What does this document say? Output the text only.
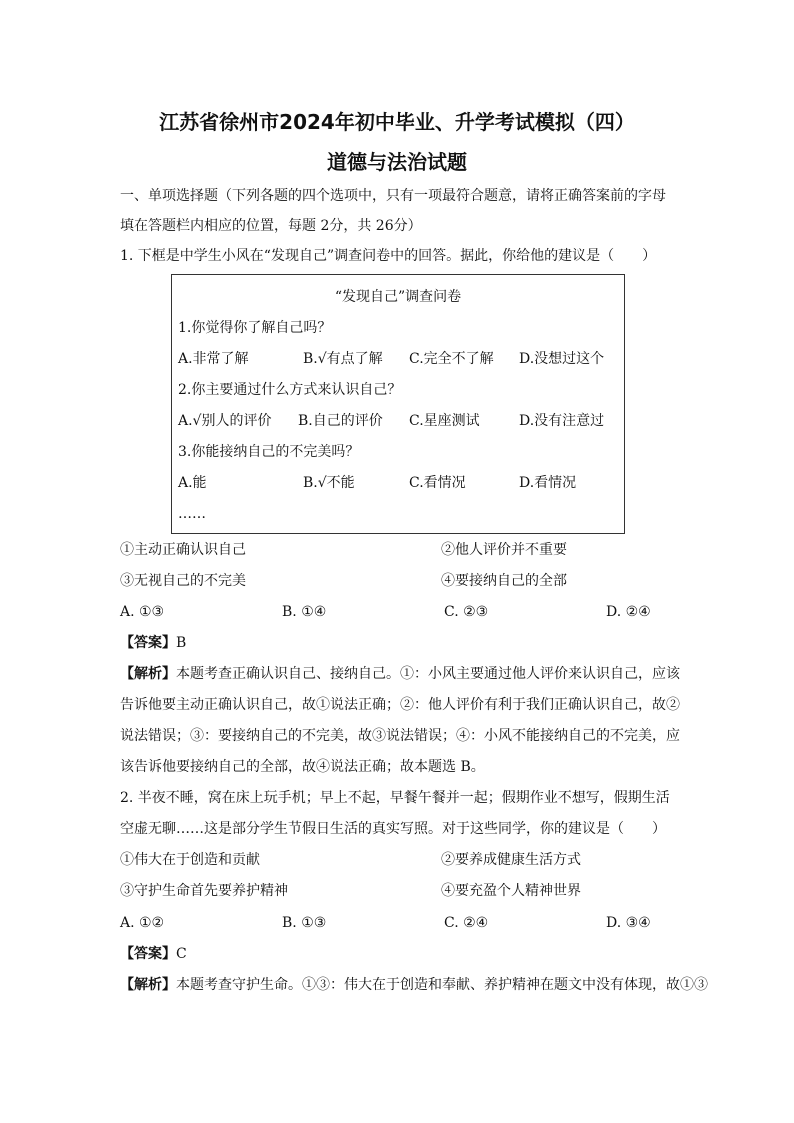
江苏省徐州市2024年初中毕业、升学考试模拟（四）
道德与法治试题
一、单项选择题（下列各题的四个选项中，只有一项最符合题意，请将正确答案前的字母
填在答题栏内相应的位置，每题 2分，共 26分）
1. 下框是中学生小风在“发现自己”调查问卷中的回答。据此，你给他的建议是（　　）
“发现自己”调查问卷
1.你觉得你了解自己吗？
A.非常了解	B.√有点了解 C.完全不了解 D.没想过这个
2.你主要通过什么方式来认识自己？
A.√别人的评价 B.自己的评价 C.星座测试	D.没有注意过
3.你能接纳自己的不完美吗？
A.能	B.√不能	C.看情况	D.看情况
……
①主动正确认识自己	②他人评价并不重要
③无视自己的不完美	④要接纳自己的全部
A. ①③	B. ①④	C. ②③	D. ②④
【答案】B
【解析】本题考查正确认识自己、接纳自己。①：小风主要通过他人评价来认识自己，应该
告诉他要主动正确认识自己，故①说法正确；②：他人评价有利于我们正确认识自己，故②
说法错误；③：要接纳自己的不完美，故③说法错误；④：小风不能接纳自己的不完美，应
该告诉他要接纳自己的全部，故④说法正确；故本题选 B。
2. 半夜不睡，窝在床上玩手机；早上不起，早餐午餐并一起；假期作业不想写，假期生活
空虚无聊……这是部分学生节假日生活的真实写照。对于这些同学，你的建议是（　　）
①伟大在于创造和贡献	②要养成健康生活方式
③守护生命首先要养护精神	④要充盈个人精神世界
A. ①②	B. ①③	C. ②④	D. ③④
【答案】C
【解析】本题考查守护生命。①③：伟大在于创造和奉献、养护精神在题文中没有体现，故①③
